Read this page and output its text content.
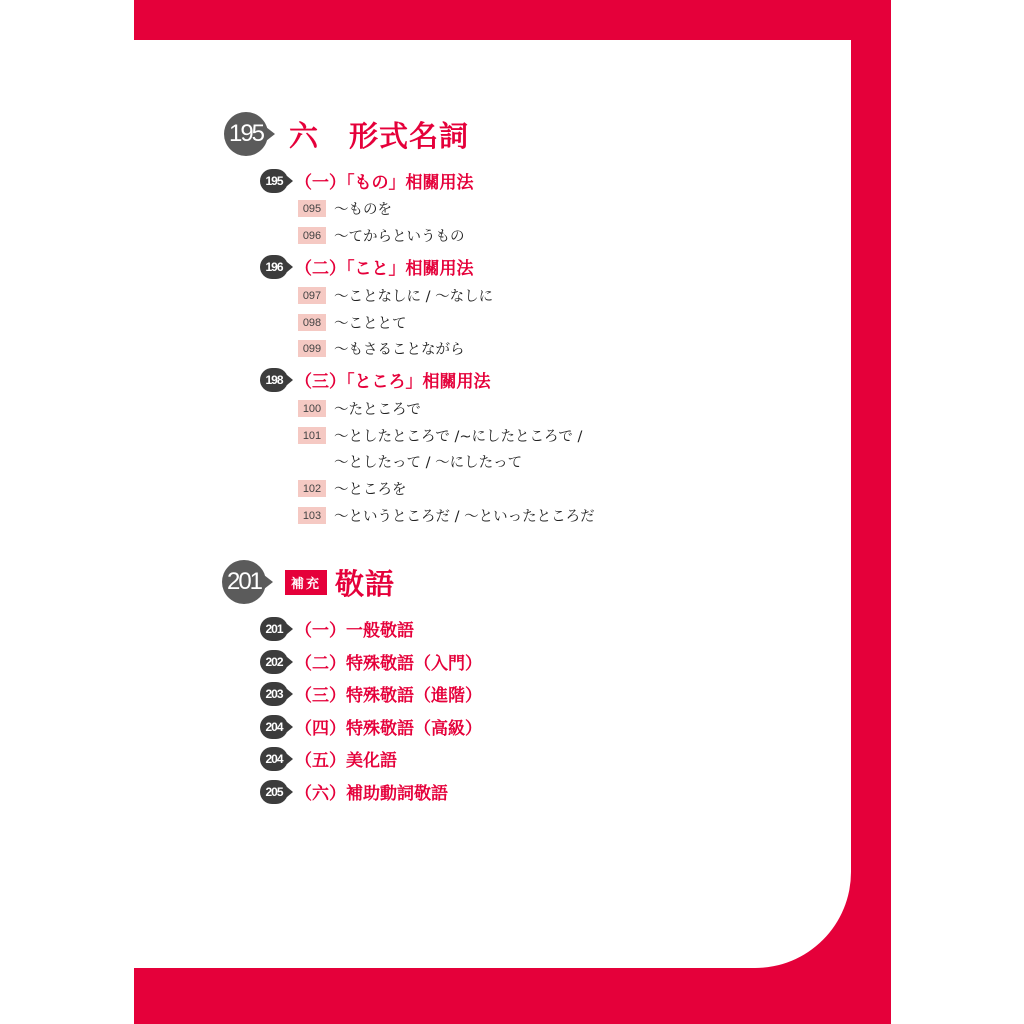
195 六　形式名詞
195 （一）「もの」相關用法
095 ～ものを
096 ～てからというもの
196 （二）「こと」相關用法
097 ～ことなしに / ～なしに
098 ～こととて
099 ～もさることながら
198 （三）「ところ」相關用法
100 ～たところで
101 ～としたところで /~にしたところで /
～としたって / ～にしたって
102 ～ところを
103 ～というところだ / ～といったところだ
201	補充 敬語
201 （一）一般敬語
202 （二）特殊敬語（入門）
203 （三）特殊敬語（進階）
204 （四）特殊敬語（高級）
204 （五）美化語
205 （六）補助動詞敬語
